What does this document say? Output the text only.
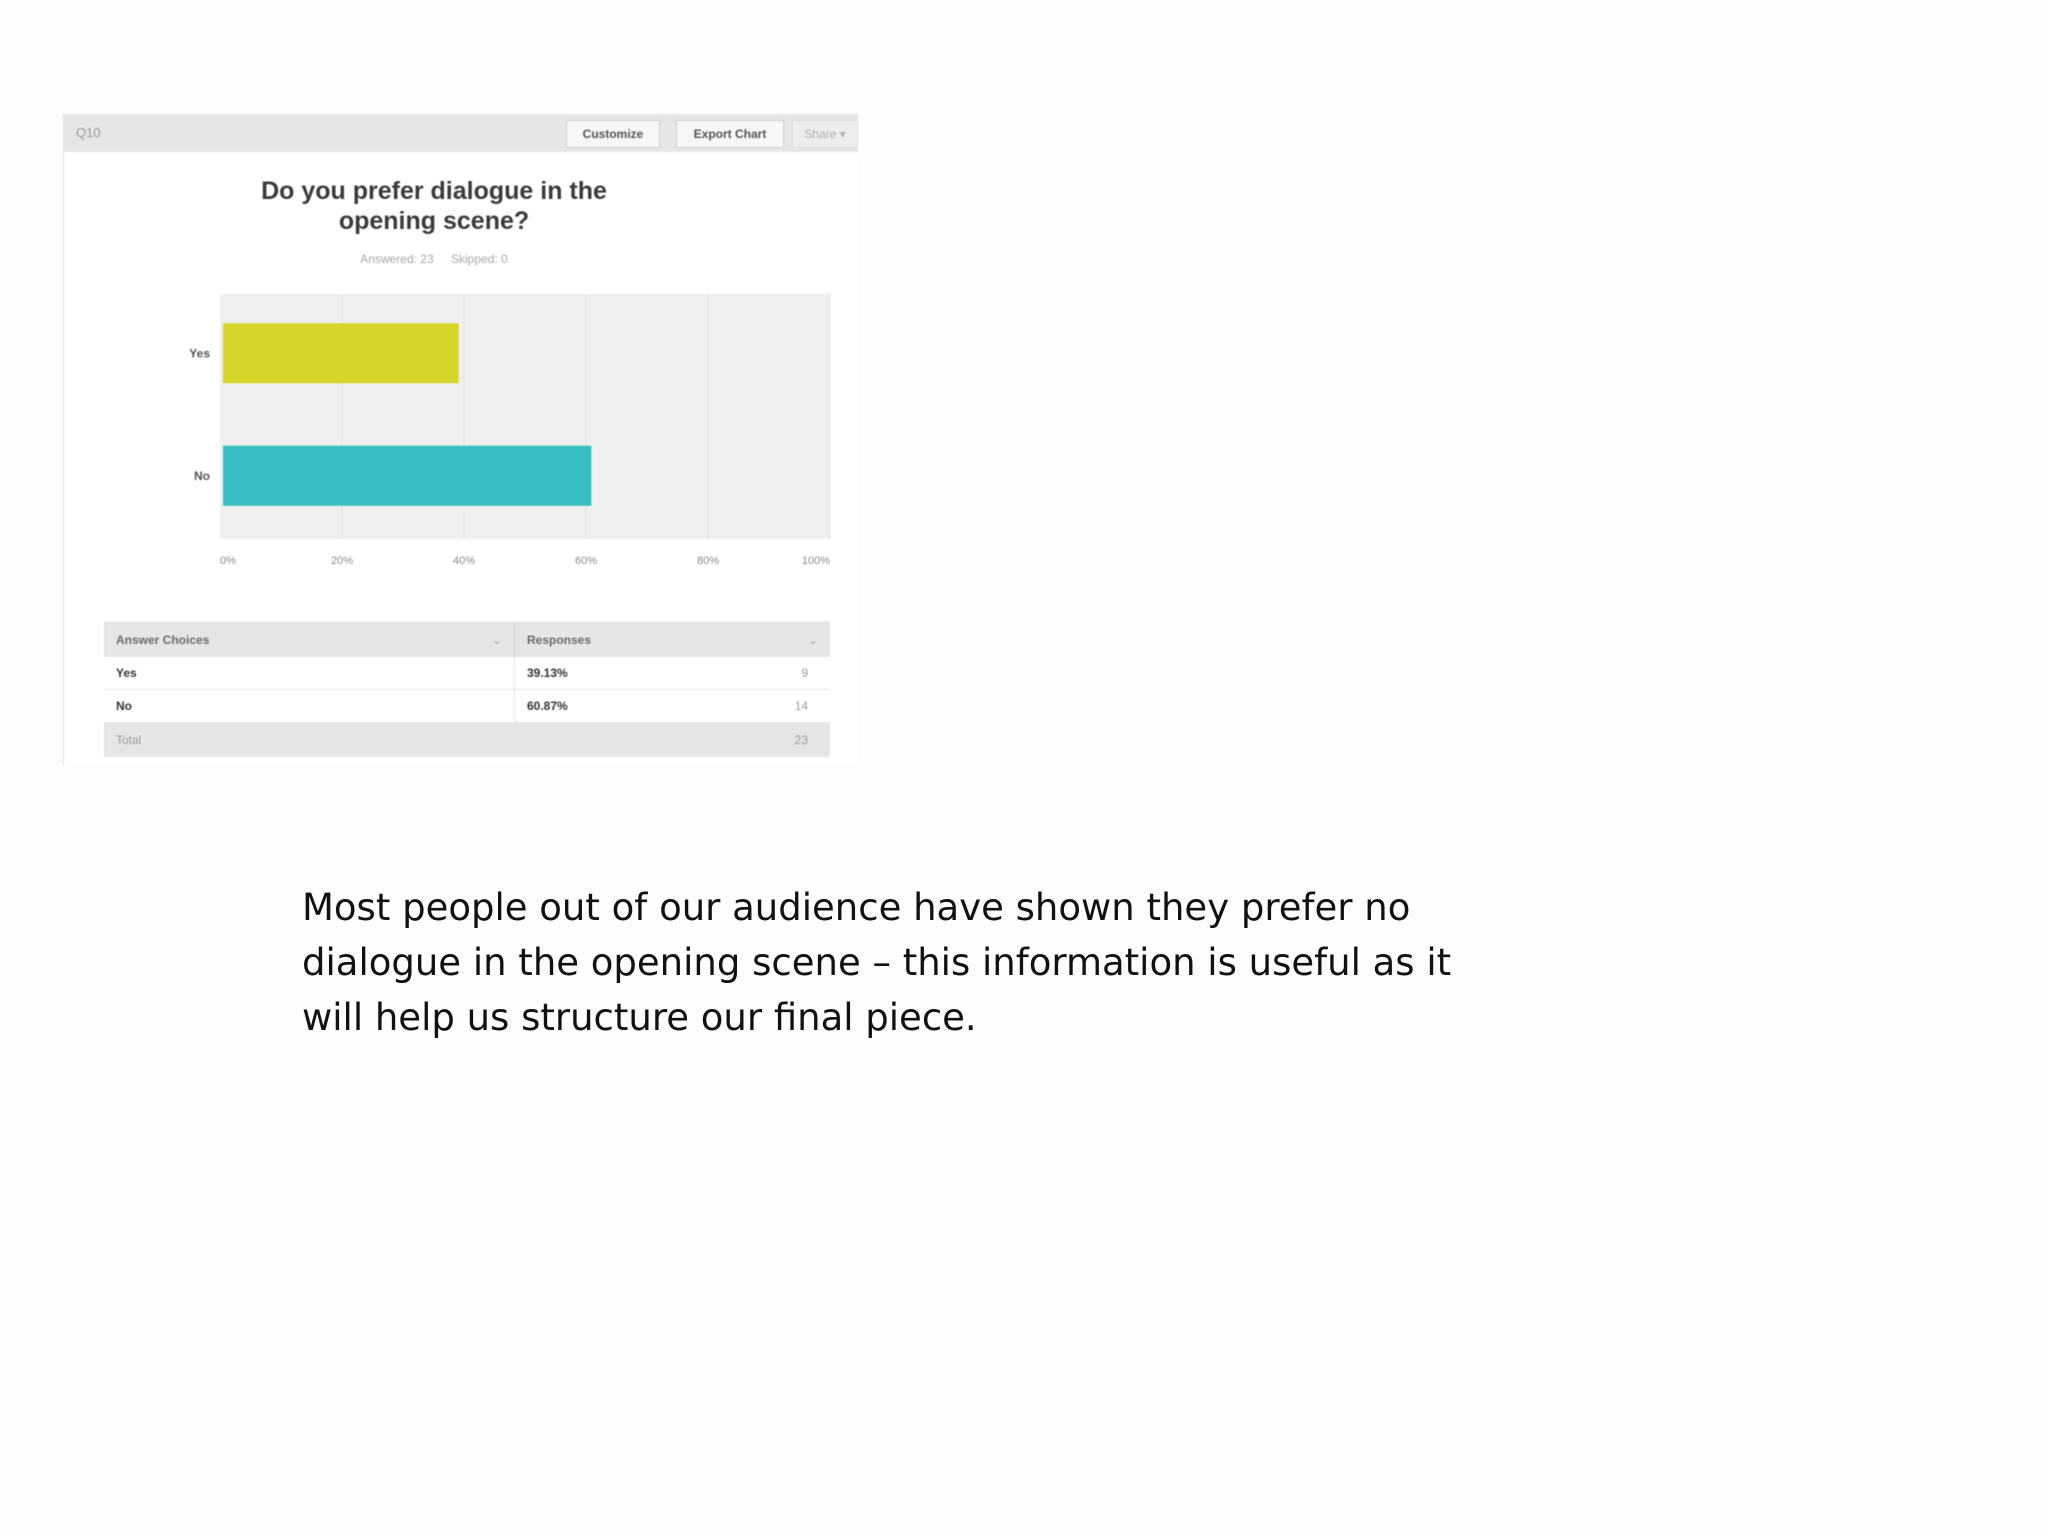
Q10	Customize	Export Chart	Share ▾
Do you prefer dialogue in the opening scene?
Answered: 23 Skipped: 0
0%	20%	40%	60%	80%	100%
Yes
No
Answer Choices ⌄	Responses ⌄	

Yes	39.13%	9
No	60.87%	14
Total		23
Most people out of our audience have shown they prefer no dialogue in the opening scene – this information is useful as it will help us structure our final piece.
